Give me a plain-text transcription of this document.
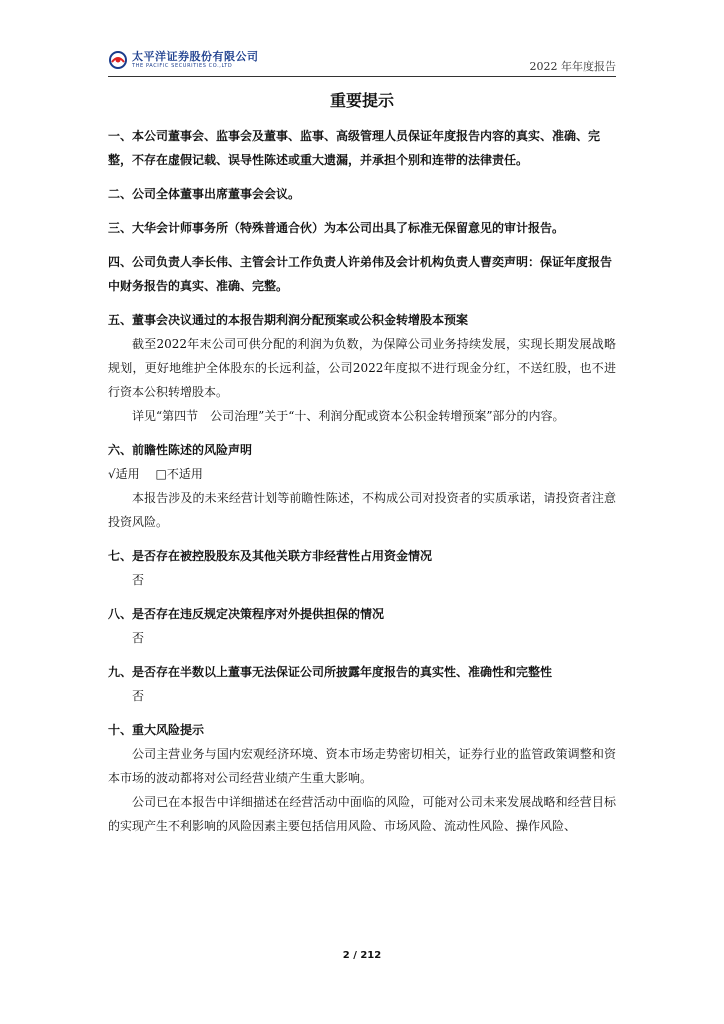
太平洋证券股份有限公司
THE PACIFIC SECURITIES CO.,LTD	2022 年年度报告
重要提示

一、本公司董事会、监事会及董事、监事、高级管理人员保证年度报告内容的真实、准确、完整，不存在虚假记载、误导性陈述或重大遗漏，并承担个别和连带的法律责任。

二、公司全体董事出席董事会会议。

三、大华会计师事务所（特殊普通合伙）为本公司出具了标准无保留意见的审计报告。

四、公司负责人李长伟、主管会计工作负责人许弟伟及会计机构负责人曹奕声明：保证年度报告中财务报告的真实、准确、完整。

五、董事会决议通过的本报告期利润分配预案或公积金转增股本预案

截至2022年末公司可供分配的利润为负数，为保障公司业务持续发展，实现长期发展战略规划，更好地维护全体股东的长远利益，公司2022年度拟不进行现金分红，不送红股，也不进行资本公积转增股本。

详见“第四节　公司治理”关于“十、利润分配或资本公积金转增预案”部分的内容。

六、前瞻性陈述的风险声明

√适用 □不适用

本报告涉及的未来经营计划等前瞻性陈述，不构成公司对投资者的实质承诺，请投资者注意投资风险。

七、是否存在被控股股东及其他关联方非经营性占用资金情况

否

八、是否存在违反规定决策程序对外提供担保的情况

否

九、是否存在半数以上董事无法保证公司所披露年度报告的真实性、准确性和完整性

否

十、重大风险提示

公司主营业务与国内宏观经济环境、资本市场走势密切相关，证券行业的监管政策调整和资本市场的波动都将对公司经营业绩产生重大影响。

公司已在本报告中详细描述在经营活动中面临的风险，可能对公司未来发展战略和经营目标的实现产生不利影响的风险因素主要包括信用风险、市场风险、流动性风险、操作风险、

2 / 212
